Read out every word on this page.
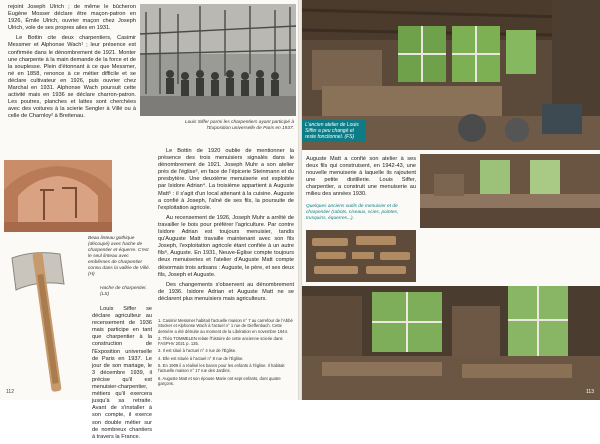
rejoint Joseph Ulrich ; de même le bûcheron Eugène Mosser déclare être maçon-patron en 1926, Émile Ulrich, ouvrier maçon chez Joseph Ulrich, vole de ses propres ailes en 1931.

Le Bottin cite deux charpentiers, Casimir Messmer et Alphonse Wach¹ ; leur présence est confirmée dans le dénombrement de 1921. Monter une charpente à la main demande de la force et de la souplesse. Plein d'étonnant à ce que Messmer, né en 1858, renonce à ce métier difficile et se déclare cultivateur en 1926, puis ouvrier chez Marchal en 1931. Alphonse Wach poursuit cette activité mais en 1936 se déclare charron-patron. Les poutres, planches et lattes sont cherchées avec des voitures à la scierie Sengler à Villé ou à celle de Charnloy² à Breitenau.

Louis Siffer parmi les charpentiers ayant participé à l'Exposition universelle de Paris en 1937.
Beau linteau gothique (découpé) avec hache de charpentier et équerre. C'est le seul linteau avec emblèmes de charpentier connu dans la vallée de Villé. (H)
Hache de charpentier. (LS)

Louis Siffer se déclare agriculteur au recensement de 1936 mais participe en tant que charpentier à la construction de l'Exposition universelle de Paris en 1937. Le jour de son mariage, le 3 décembre 1939, il précise qu'il est menuisier-charpentier, métiers qu'il exercera jusqu'à sa retraite. Avant de s'installer à son compte, il exerce son double métier sur de nombreux chantiers à travers la France.

Le Bottin de 1920 oublie de mentionner la présence des trois menuisiers signalés dans le dénombrement de 1921. Joseph Muhr a son atelier près de l'église³, en face de l'épicerie Steinmann et du presbytère. Une deuxième menuiserie est exploitée par Isidore Adrian⁴. La troisième appartient à Auguste Matt⁵ : il s'agit d'un local attenant à la cuisine. Auguste a confié à Joseph, l'aîné de ses fils, la poursuite de l'exploitation agricole.

Au recensement de 1926, Joseph Muhr a arrêté de travailler le bois pour préférer l'agriculture. Par contre Isidore Adrian est toujours menuisier, tandis qu'Auguste Matt travaille maintenant avec son fils Joseph, l'exploitation agricole étant confiée à un autre fils⁶, Auguste. En 1931, Neuve-Église compte toujours deux menuiseries et l'atelier d'Auguste Matt compte désormais trois artisans : Auguste, le père, et ses deux fils, Joseph et Auguste.

Des changements s'observent au dénombrement de 1936. Isidore Adrian et Auguste Matt ne se déclarent plus menuisiers mais agriculteurs.

1. Casimir Messmer habitait l'actuelle maison n° 7 au carrefour de l'Abbé Stocker et Alphonse Wach à l'actuel n° 1 rue de Dieffenbach. Cette dernière a été détruite au moment de la Libération en novembre 1944.
2. Théo TOMMELEN relate l'histoire de cette ancienne scierie dans FASPHV 2021 p. 135.
3. Il est situé à l'actuel n° 4 rue de l'Église.
4. Elle est située à l'actuel n° 8 rue de l'Église.
5. En 1909 il a réalisé les bancs pour les enfants à l'église. Il habitait l'actuelle maison n° 17 rue des Jardins.
6. Auguste Matt et son épouse Marie ont sept enfants, dont quatre garçons.
112
L'ancien atelier de Louis Siffer a peu changé et reste fonctionnel. (FS)

Auguste Matt a confié son atelier à ses deux fils qui construisent, en 1942-43, une nouvelle menuiserie à laquelle ils rajoutent une petite distillerie. Louis Siffer, charpentier, a construit une menuiserie au milieu des années 1930.

Quelques anciens outils de menuisier et de charpentier (rabots, ciseaux, scies, pointes, trusquins, équerres...).
113
